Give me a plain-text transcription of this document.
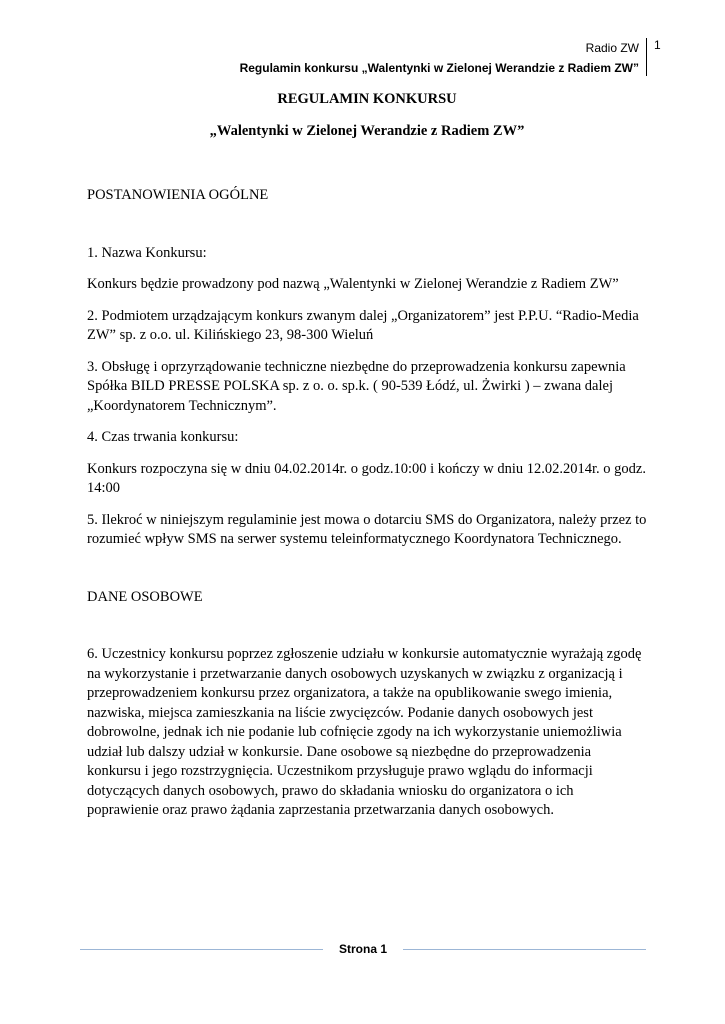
Radio ZW
Regulamin konkursu „Walentynki w Zielonej Werandzie z Radiem ZW”
1

REGULAMIN KONKURSU

„Walentynki w Zielonej Werandzie z Radiem ZW”

POSTANOWIENIA OGÓLNE

1. Nazwa Konkursu:

Konkurs będzie prowadzony pod nazwą „Walentynki w Zielonej Werandzie z Radiem ZW”

2. Podmiotem urządzającym konkurs zwanym dalej „Organizatorem” jest P.P.U. “Radio-Media ZW” sp. z o.o. ul. Kilińskiego 23, 98-300 Wieluń

3. Obsługę i oprzyrządowanie techniczne niezbędne do przeprowadzenia konkursu zapewnia Spółka BILD PRESSE POLSKA sp. z o. o. sp.k. ( 90-539 Łódź, ul. Żwirki ) – zwana dalej „Koordynatorem Technicznym”.

4. Czas trwania konkursu:

Konkurs rozpoczyna się w dniu 04.02.2014r. o godz.10:00 i kończy w dniu 12.02.2014r. o godz. 14:00

5. Ilekroć w niniejszym regulaminie jest mowa o dotarciu SMS do Organizatora, należy przez to rozumieć wpływ SMS na serwer systemu teleinformatycznego Koordynatora Technicznego.

DANE OSOBOWE

6. Uczestnicy konkursu poprzez zgłoszenie udziału w konkursie automatycznie wyrażają zgodę na wykorzystanie i przetwarzanie danych osobowych uzyskanych w związku z organizacją i przeprowadzeniem konkursu przez organizatora, a także na opublikowanie swego imienia, nazwiska, miejsca zamieszkania na liście zwycięzców. Podanie danych osobowych jest dobrowolne, jednak ich nie podanie lub cofnięcie zgody na ich wykorzystanie uniemożliwia udział lub dalszy udział w konkursie. Dane osobowe są niezbędne do przeprowadzenia konkursu i jego rozstrzygnięcia. Uczestnikom przysługuje prawo wglądu do informacji dotyczących danych osobowych, prawo do składania wniosku do organizatora o ich poprawienie oraz prawo żądania zaprzestania przetwarzania danych osobowych.

Strona 1
